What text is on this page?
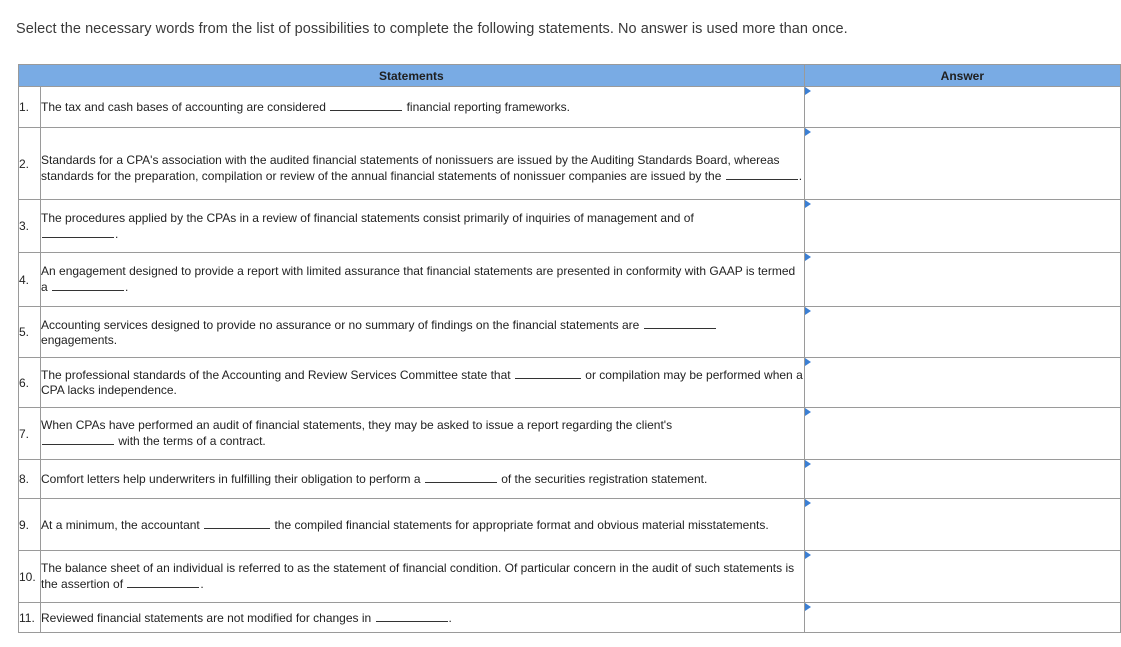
Select the necessary words from the list of possibilities to complete the following statements. No answer is used more than once.
Statements		Answer
1.	The tax and cash bases of accounting are considered financial reporting frameworks.	

2.	Standards for a CPA's association with the audited financial statements of nonissuers are issued by the Auditing Standards Board, whereas standards for the preparation, compilation or review of the annual financial statements of nonissuer companies are issued by the .	

3.	The procedures applied by the CPAs in a review of financial statements consist primarily of inquiries of management and of
.	

4.	An engagement designed to provide a report with limited assurance that financial statements are presented in conformity with GAAP is termed a .	

5.	Accounting services designed to provide no assurance or no summary of findings on the financial statements are
engagements.	

6.	The professional standards of the Accounting and Review Services Committee state that or compilation may be performed when a CPA lacks independence.	

7.	When CPAs have performed an audit of financial statements, they may be asked to issue a report regarding the client's
with the terms of a contract.	

8.	Comfort letters help underwriters in fulfilling their obligation to perform a of the securities registration statement.	

9.	At a minimum, the accountant the compiled financial statements for appropriate format and obvious material misstatements.	

10.	The balance sheet of an individual is referred to as the statement of financial condition. Of particular concern in the audit of such statements is the assertion of .	

11.	Reviewed financial statements are not modified for changes in .	
